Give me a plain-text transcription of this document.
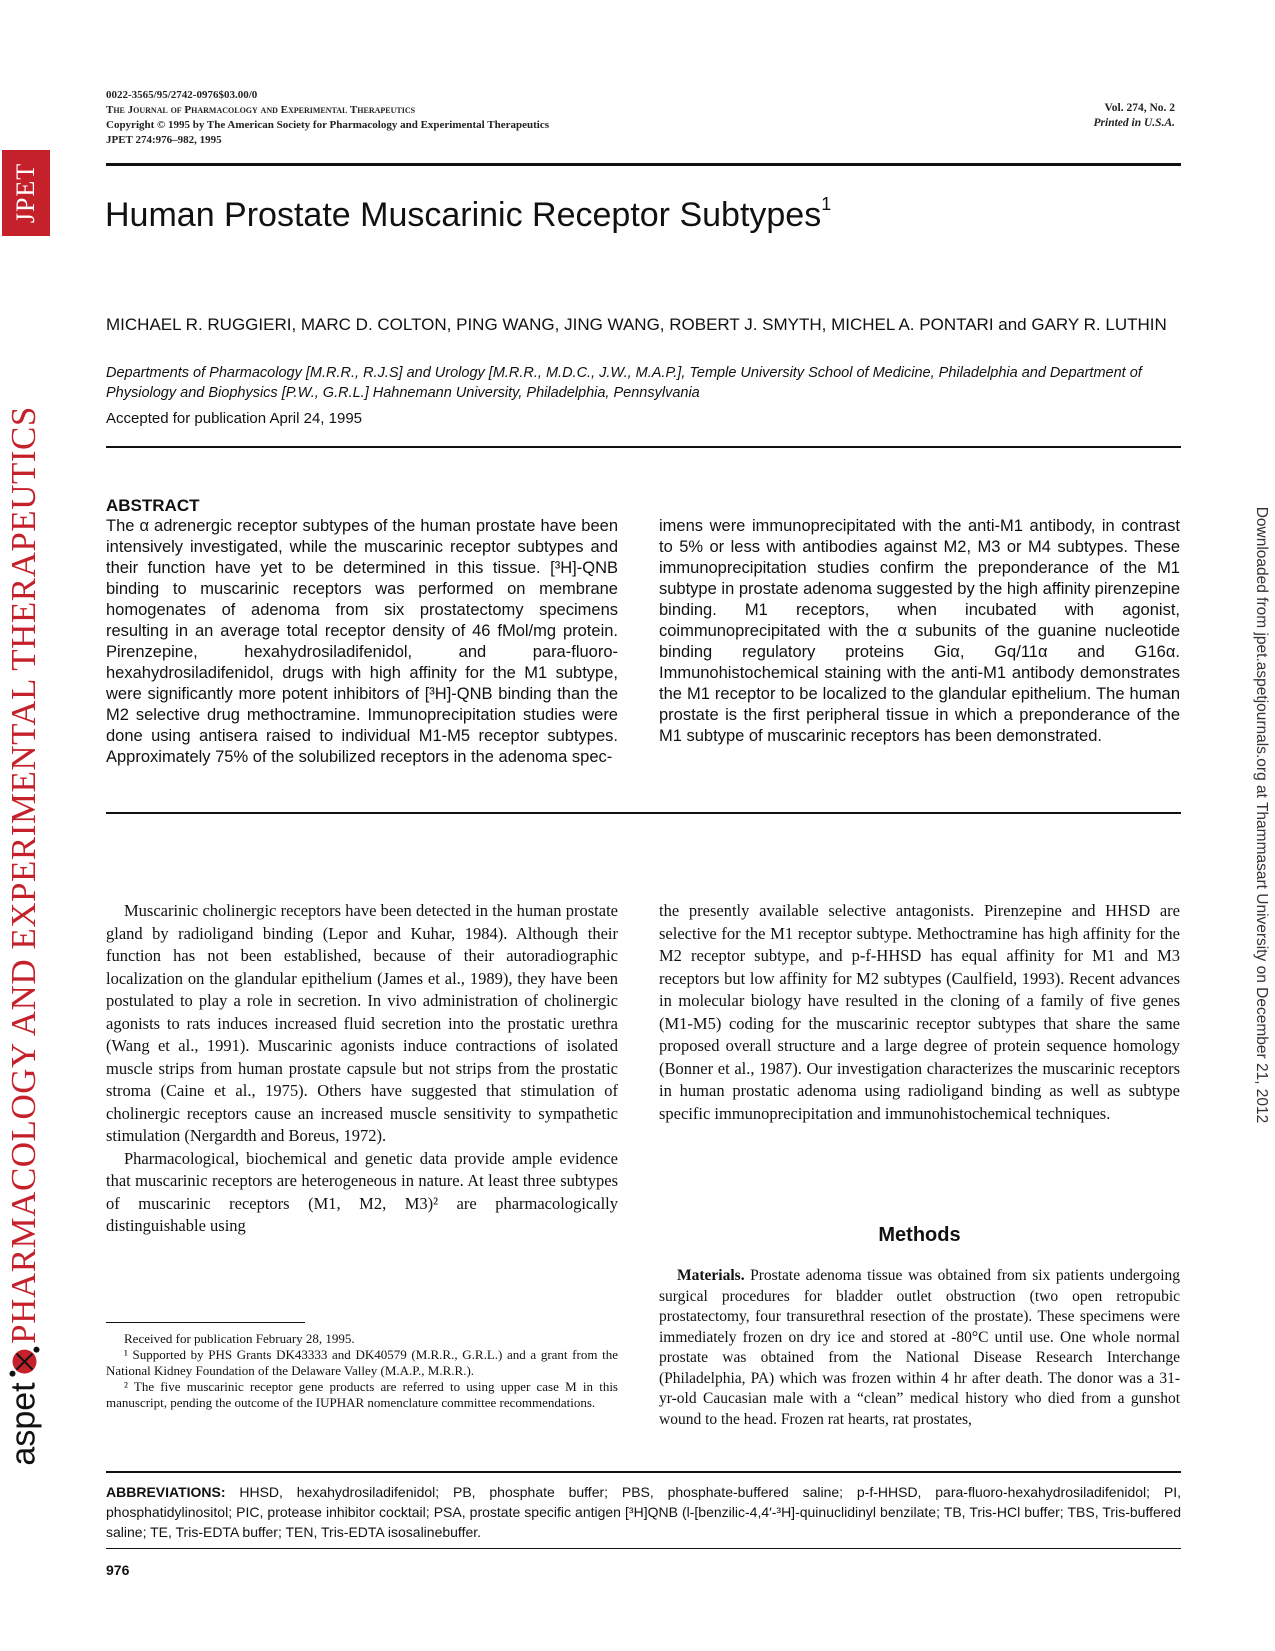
JPET
PHARMACOLOGY AND EXPERIMENTAL THERAPEUTICS
aspet
Downloaded from jpet.aspetjournals.org at Thammasart University on December 21, 2012
0022-3565/95/2742-0976$03.00/0
The Journal of Pharmacology and Experimental Therapeutics
Copyright © 1995 by The American Society for Pharmacology and Experimental Therapeutics
JPET 274:976–982, 1995
Vol. 274, No. 2
Printed in U.S.A.
Human Prostate Muscarinic Receptor Subtypes$^1$
MICHAEL R. RUGGIERI, MARC D. COLTON, PING WANG, JING WANG, ROBERT J. SMYTH, MICHEL A. PONTARI and GARY R. LUTHIN
Departments of Pharmacology [M.R.R., R.J.S] and Urology [M.R.R., M.D.C., J.W., M.A.P.], Temple University School of Medicine, Philadelphia and Department of Physiology and Biophysics [P.W., G.R.L.] Hahnemann University, Philadelphia, Pennsylvania
Accepted for publication April 24, 1995
ABSTRACT
The α adrenergic receptor subtypes of the human prostate have been intensively investigated, while the muscarinic receptor subtypes and their function have yet to be determined in this tissue. [³H]-QNB binding to muscarinic receptors was performed on membrane homogenates of adenoma from six prostatectomy specimens resulting in an average total receptor density of 46 fMol/mg protein. Pirenzepine, hexahydrosiladifenidol, and para-fluoro-hexahydrosiladifenidol, drugs with high affinity for the M1 subtype, were significantly more potent inhibitors of [³H]-QNB binding than the M2 selective drug methoctramine. Immunoprecipitation studies were done using antisera raised to individual M1-M5 receptor subtypes. Approximately 75% of the solubilized receptors in the adenoma spec-
imens were immunoprecipitated with the anti-M1 antibody, in contrast to 5% or less with antibodies against M2, M3 or M4 subtypes. These immunoprecipitation studies confirm the preponderance of the M1 subtype in prostate adenoma suggested by the high affinity pirenzepine binding. M1 receptors, when incubated with agonist, coimmunoprecipitated with the α subunits of the guanine nucleotide binding regulatory proteins Giα, Gq/11α and G16α. Immunohistochemical staining with the anti-M1 antibody demonstrates the M1 receptor to be localized to the glandular epithelium. The human prostate is the first peripheral tissue in which a preponderance of the M1 subtype of muscarinic receptors has been demonstrated.

Muscarinic cholinergic receptors have been detected in the human prostate gland by radioligand binding (Lepor and Kuhar, 1984). Although their function has not been established, because of their autoradiographic localization on the glandular epithelium (James et al., 1989), they have been postulated to play a role in secretion. In vivo administration of cholinergic agonists to rats induces increased fluid secretion into the prostatic urethra (Wang et al., 1991). Muscarinic agonists induce contractions of isolated muscle strips from human prostate capsule but not strips from the prostatic stroma (Caine et al., 1975). Others have suggested that stimulation of cholinergic receptors cause an increased muscle sensitivity to sympathetic stimulation (Nergardth and Boreus, 1972).

Pharmacological, biochemical and genetic data provide ample evidence that muscarinic receptors are heterogeneous in nature. At least three subtypes of muscarinic receptors (M1, M2, M3)² are pharmacologically distinguishable using

the presently available selective antagonists. Pirenzepine and HHSD are selective for the M1 receptor subtype. Methoctramine has high affinity for the M2 receptor subtype, and p-f-HHSD has equal affinity for M1 and M3 receptors but low affinity for M2 subtypes (Caulfield, 1993). Recent advances in molecular biology have resulted in the cloning of a family of five genes (M1-M5) coding for the muscarinic receptor subtypes that share the same proposed overall structure and a large degree of protein sequence homology (Bonner et al., 1987). Our investigation characterizes the muscarinic receptors in human prostatic adenoma using radioligand binding as well as subtype specific immunoprecipitation and immunohistochemical techniques.
Methods
Materials. Prostate adenoma tissue was obtained from six patients undergoing surgical procedures for bladder outlet obstruction (two open retropubic prostatectomy, four transurethral resection of the prostate). These specimens were immediately frozen on dry ice and stored at -80°C until use. One whole normal prostate was obtained from the National Disease Research Interchange (Philadelphia, PA) which was frozen within 4 hr after death. The donor was a 31-yr-old Caucasian male with a “clean” medical history who died from a gunshot wound to the head. Frozen rat hearts, rat prostates,

Received for publication February 28, 1995.

¹ Supported by PHS Grants DK43333 and DK40579 (M.R.R., G.R.L.) and a grant from the National Kidney Foundation of the Delaware Valley (M.A.P., M.R.R.).

² The five muscarinic receptor gene products are referred to using upper case M in this manuscript, pending the outcome of the IUPHAR nomenclature committee recommendations.

ABBREVIATIONS: HHSD, hexahydrosiladifenidol; PB, phosphate buffer; PBS, phosphate-buffered saline; p-f-HHSD, para-fluoro-hexahydrosiladifenidol; PI, phosphatidylinositol; PIC, protease inhibitor cocktail; PSA, prostate specific antigen [³H]QNB (l-[benzilic-4,4′-³H]-quinuclidinyl benzilate; TB, Tris-HCl buffer; TBS, Tris-buffered saline; TE, Tris-EDTA buffer; TEN, Tris-EDTA isosalinebuffer.
976
